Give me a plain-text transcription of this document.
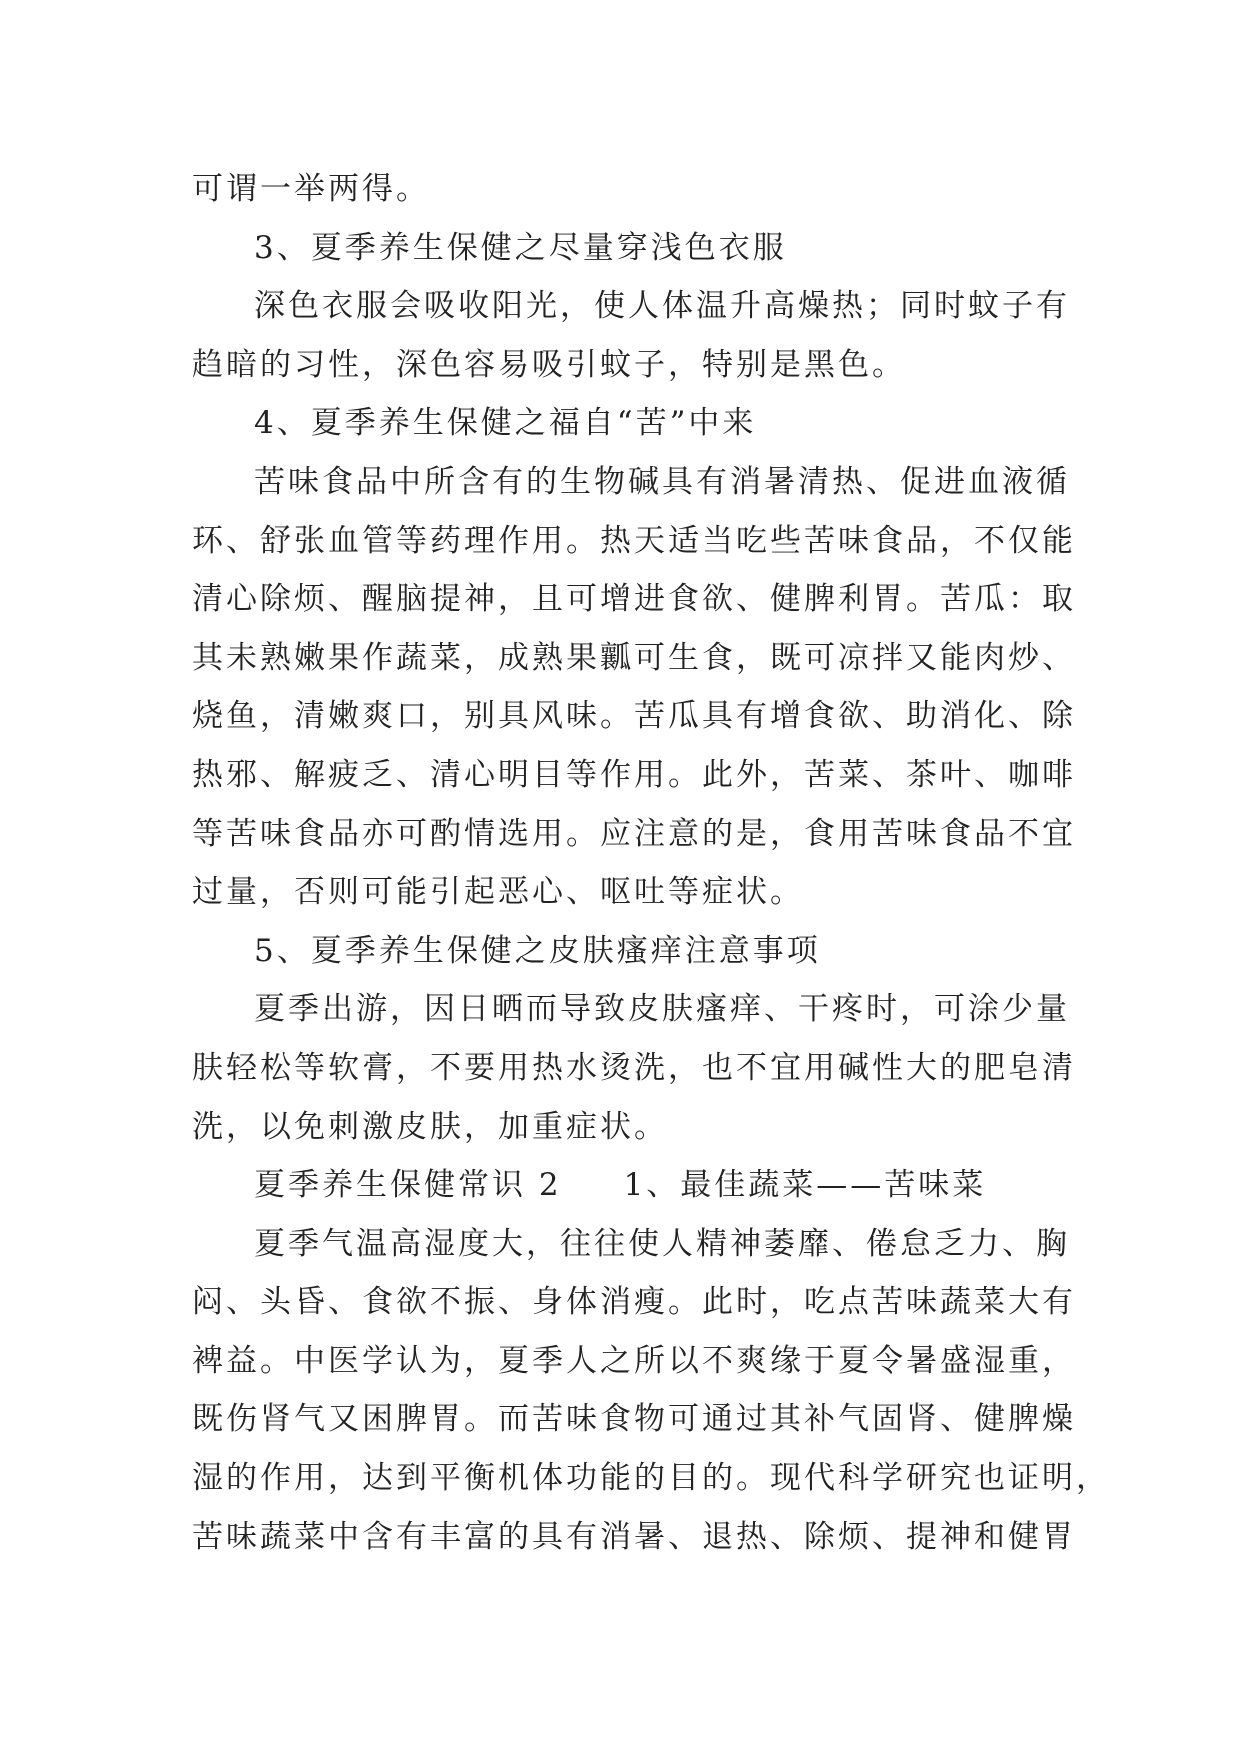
可谓一举两得。
3、夏季养生保健之尽量穿浅色衣服
深色衣服会吸收阳光，使人体温升高燥热；同时蚊子有
趋暗的习性，深色容易吸引蚊子，特别是黑色。
4、夏季养生保健之福自“苦”中来
苦味食品中所含有的生物碱具有消暑清热、促进血液循
环、舒张血管等药理作用。热天适当吃些苦味食品，不仅能
清心除烦、醒脑提神，且可增进食欲、健脾利胃。苦瓜：取
其未熟嫩果作蔬菜，成熟果瓤可生食，既可凉拌又能肉炒、
烧鱼，清嫩爽口，别具风味。苦瓜具有增食欲、助消化、除
热邪、解疲乏、清心明目等作用。此外，苦菜、茶叶、咖啡
等苦味食品亦可酌情选用。应注意的是，食用苦味食品不宜
过量，否则可能引起恶心、呕吐等症状。
5、夏季养生保健之皮肤瘙痒注意事项
夏季出游，因日晒而导致皮肤瘙痒、干疼时，可涂少量
肤轻松等软膏，不要用热水烫洗，也不宜用碱性大的肥皂清
洗，以免刺激皮肤，加重症状。
夏季养生保健常识 2 1、最佳蔬菜——苦味菜
夏季气温高湿度大，往往使人精神萎靡、倦怠乏力、胸
闷、头昏、食欲不振、身体消瘦。此时，吃点苦味蔬菜大有
裨益。中医学认为，夏季人之所以不爽缘于夏令暑盛湿重，
既伤肾气又困脾胃。而苦味食物可通过其补气固肾、健脾燥
湿的作用，达到平衡机体功能的目的。现代科学研究也证明，
苦味蔬菜中含有丰富的具有消暑、退热、除烦、提神和健胃
